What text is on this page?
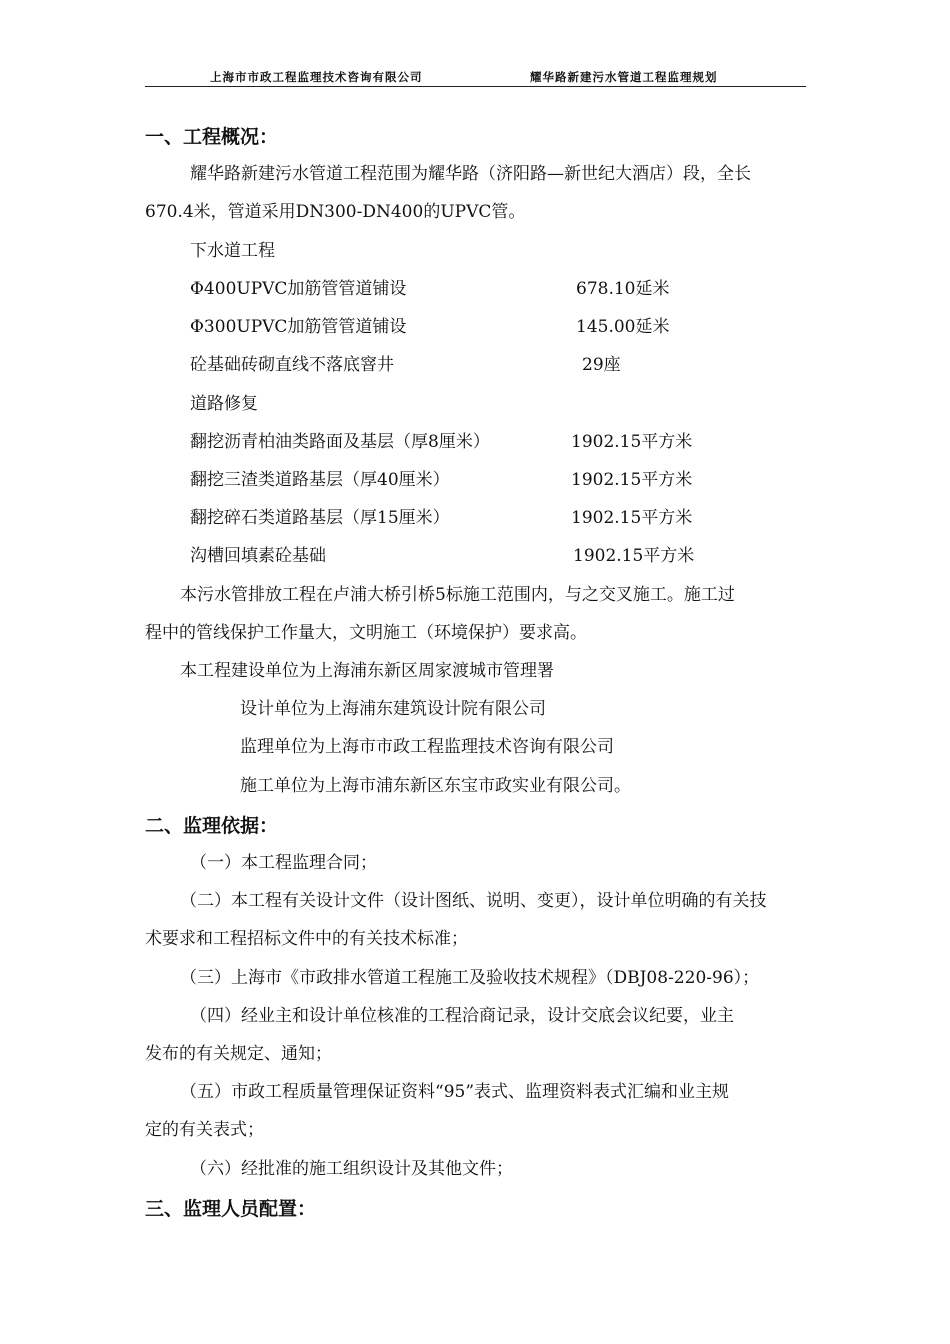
上海市市政工程监理技术咨询有限公司	耀华路新建污水管道工程监理规划
一、工程概况：
耀华路新建污水管道工程范围为耀华路（济阳路—新世纪大酒店）段，全长
670.4米，管道采用DN300-DN400的UPVC管。
下水道工程
Φ400UPVC加筋管管道铺设	678.10延米
Φ300UPVC加筋管管道铺设	145.00延米
砼基础砖砌直线不落底窨井	29座
道路修复
翻挖沥青柏油类路面及基层（厚8厘米）	1902.15平方米
翻挖三渣类道路基层（厚40厘米）	1902.15平方米
翻挖碎石类道路基层（厚15厘米）	1902.15平方米
沟槽回填素砼基础	1902.15平方米
本污水管排放工程在卢浦大桥引桥5标施工范围内，与之交叉施工。施工过
程中的管线保护工作量大，文明施工（环境保护）要求高。
本工程建设单位为上海浦东新区周家渡城市管理署
设计单位为上海浦东建筑设计院有限公司
监理单位为上海市市政工程监理技术咨询有限公司
施工单位为上海市浦东新区东宝市政实业有限公司。
二、监理依据：
（一）本工程监理合同；
（二）本工程有关设计文件（设计图纸、说明、变更），设计单位明确的有关技
术要求和工程招标文件中的有关技术标准；
（三）上海市《市政排水管道工程施工及验收技术规程》（DBJ08-220-96）；
（四）经业主和设计单位核准的工程洽商记录，设计交底会议纪要，业主
发布的有关规定、通知；
（五）市政工程质量管理保证资料“95”表式、监理资料表式汇编和业主规
定的有关表式；
（六）经批准的施工组织设计及其他文件；
三、监理人员配置：
